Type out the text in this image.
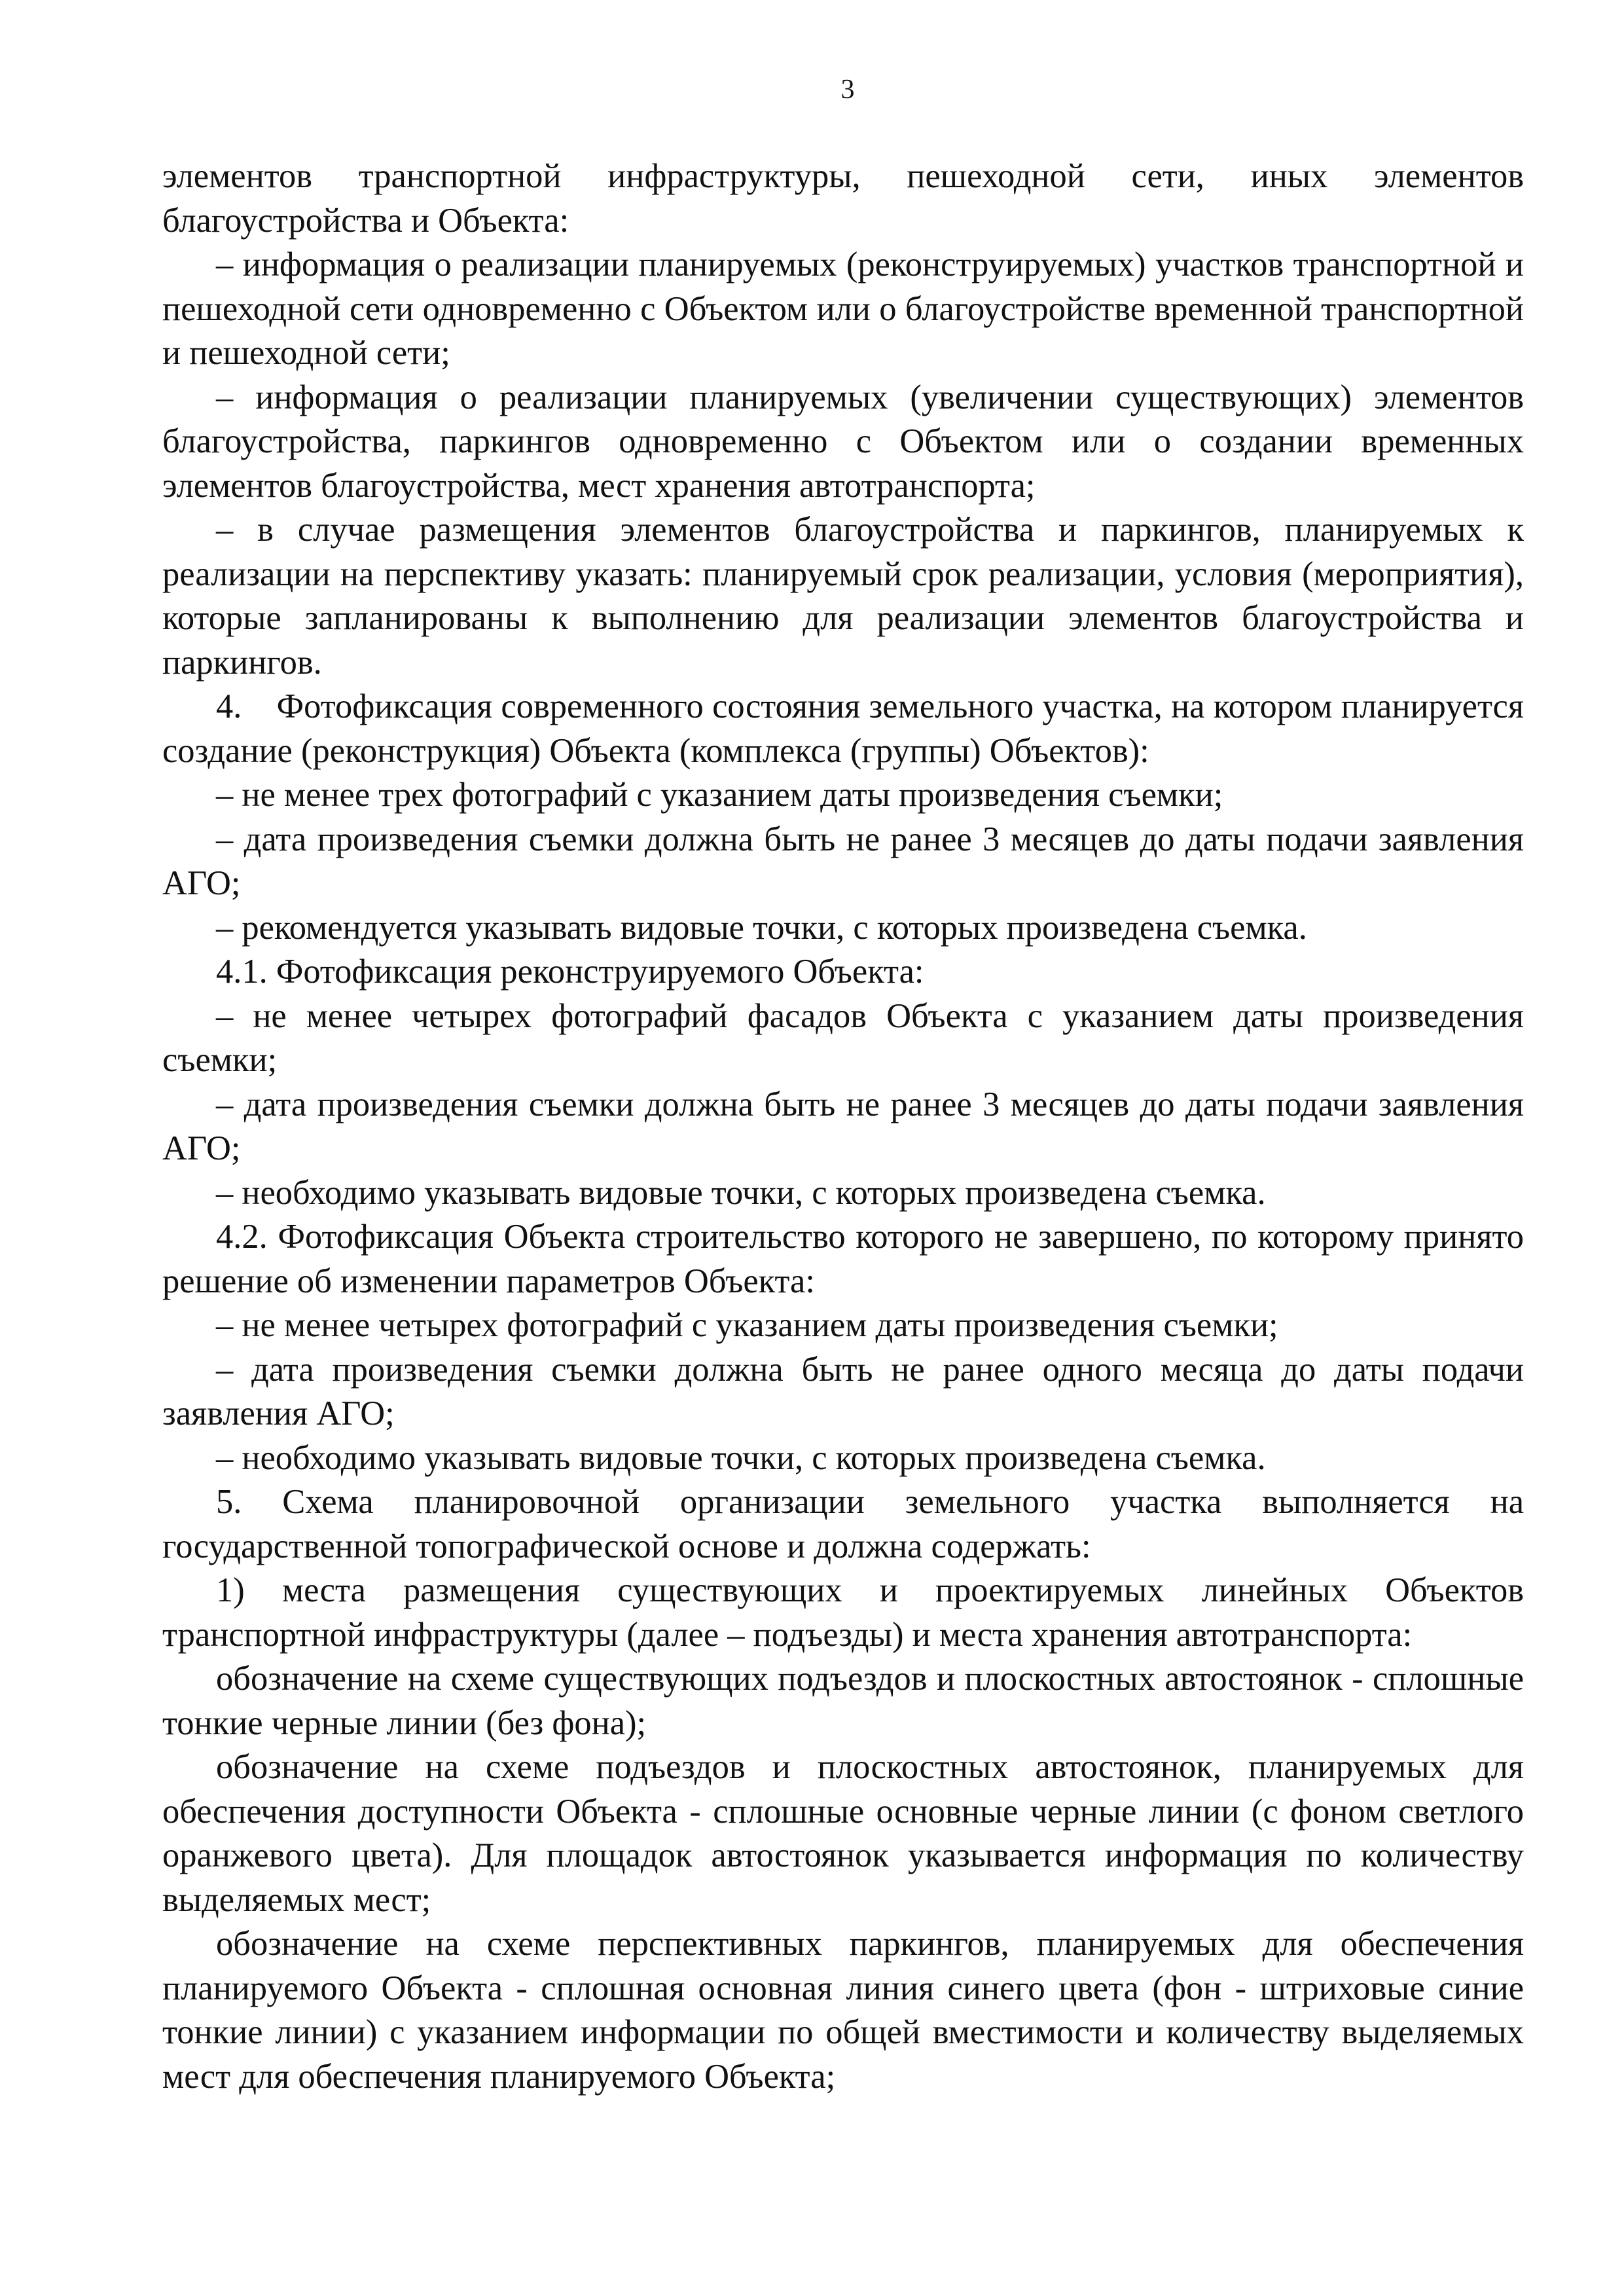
3

элементов транспортной инфраструктуры, пешеходной сети, иных элементов благоустройства и Объекта:

– информация о реализации планируемых (реконструируемых) участков транспортной и пешеходной сети одновременно с Объектом или о благоустройстве временной транспортной и пешеходной сети;

– информация о реализации планируемых (увеличении существующих) элементов благоустройства, паркингов одновременно с Объектом или о создании временных элементов благоустройства, мест хранения автотранспорта;

– в случае размещения элементов благоустройства и паркингов, планируемых к реализации на перспективу указать: планируемый срок реализации, условия (мероприятия), которые запланированы к выполнению для реализации элементов благоустройства и паркингов.

4.    Фотофиксация современного состояния земельного участка, на котором планируется создание (реконструкция) Объекта (комплекса (группы) Объектов):

– не менее трех фотографий с указанием даты произведения съемки;

– дата произведения съемки должна быть не ранее 3 месяцев до даты подачи заявления АГО;

– рекомендуется указывать видовые точки, с которых произведена съемка.

4.1. Фотофиксация реконструируемого Объекта:

– не менее четырех фотографий фасадов Объекта с указанием даты произведения съемки;

– дата произведения съемки должна быть не ранее 3 месяцев до даты подачи заявления АГО;

– необходимо указывать видовые точки, с которых произведена съемка.

4.2. Фотофиксация Объекта строительство которого не завершено, по которому принято решение об изменении параметров Объекта:

– не менее четырех фотографий с указанием даты произведения съемки;

– дата произведения съемки должна быть не ранее одного месяца до даты подачи заявления АГО;

– необходимо указывать видовые точки, с которых произведена съемка.

5. Схема планировочной организации земельного участка выполняется на государственной топографической основе и должна содержать:

1) места размещения существующих и проектируемых линейных Объектов транспортной инфраструктуры (далее – подъезды) и места хранения автотранспорта:

обозначение на схеме существующих подъездов и плоскостных автостоянок - сплошные тонкие черные линии (без фона);

обозначение на схеме подъездов и плоскостных автостоянок, планируемых для обеспечения доступности Объекта - сплошные основные черные линии (с фоном светлого оранжевого цвета). Для площадок автостоянок указывается информация по количеству выделяемых мест;

обозначение на схеме перспективных паркингов, планируемых для обеспечения планируемого Объекта - сплошная основная линия синего цвета (фон - штриховые синие тонкие линии) с указанием информации по общей вместимости и количеству выделяемых мест для обеспечения планируемого Объекта;
